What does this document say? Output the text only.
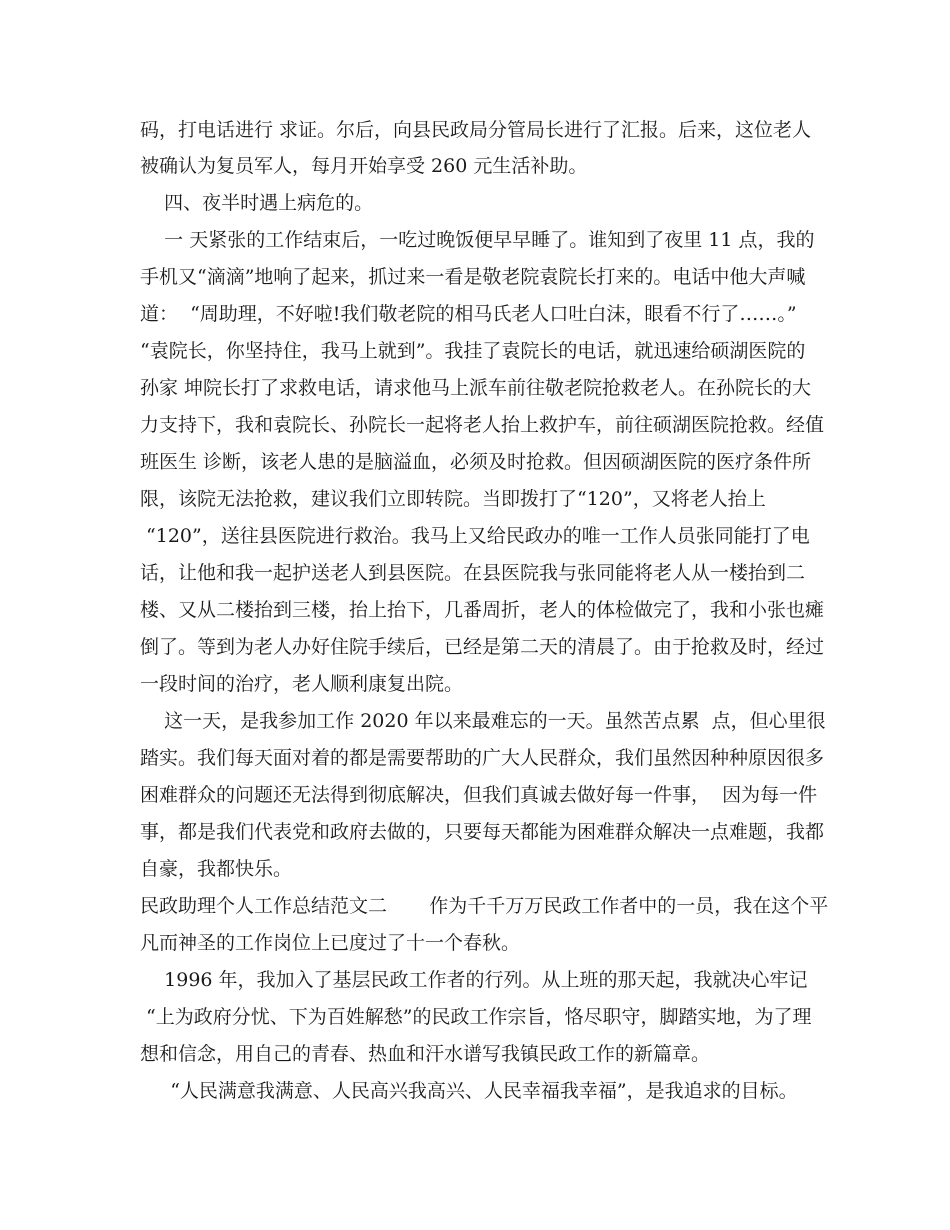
码，打电话进行 求证。尔后，向县民政局分管局长进行了汇报。后来，这位老人
被确认为复员军人，每月开始享受 260 元生活补助。
四、夜半时遇上病危的。
一 天紧张的工作结束后，一吃过晚饭便早早睡了。谁知到了夜里 11 点，我的
手机又“滴滴”地响了起来，抓过来一看是敬老院袁院长打来的。电话中他大声喊
道：  “周助理，不好啦!我们敬老院的相马氏老人口吐白沫，眼看不行了……。”
“袁院长，你坚持住，我马上就到”。我挂了袁院长的电话，就迅速给硕湖医院的
孙家 坤院长打了求救电话，请求他马上派车前往敬老院抢救老人。在孙院长的大
力支持下，我和袁院长、孙院长一起将老人抬上救护车，前往硕湖医院抢救。经值
班医生 诊断，该老人患的是脑溢血，必须及时抢救。但因硕湖医院的医疗条件所
限，该院无法抢救，建议我们立即转院。当即拨打了“120”，又将老人抬上
“120”，送往县医院进行救治。我马上又给民政办的唯一工作人员张同能打了电
话，让他和我一起护送老人到县医院。在县医院我与张同能将老人从一楼抬到二
楼、又从二楼抬到三楼，抬上抬下，几番周折，老人的体检做完了，我和小张也瘫
倒了。等到为老人办好住院手续后，已经是第二天的清晨了。由于抢救及时，经过
一段时间的治疗，老人顺利康复出院。
这一天，是我参加工作 2020 年以来最难忘的一天。虽然苦点累  点，但心里很
踏实。我们每天面对着的都是需要帮助的广大人民群众，我们虽然因种种原因很多
困难群众的问题还无法得到彻底解决，但我们真诚去做好每一件事，  因为每一件
事，都是我们代表党和政府去做的，只要每天都能为困难群众解决一点难题，我都
自豪，我都快乐。
民政助理个人工作总结范文二       作为千千万万民政工作者中的一员，我在这个平
凡而神圣的工作岗位上已度过了十一个春秋。
1996 年，我加入了基层民政工作者的行列。从上班的那天起，我就决心牢记
“上为政府分忧、下为百姓解愁”的民政工作宗旨，恪尽职守，脚踏实地，为了理
想和信念，用自己的青春、热血和汗水谱写我镇民政工作的新篇章。
“人民满意我满意、人民高兴我高兴、人民幸福我幸福”，是我追求的目标。
